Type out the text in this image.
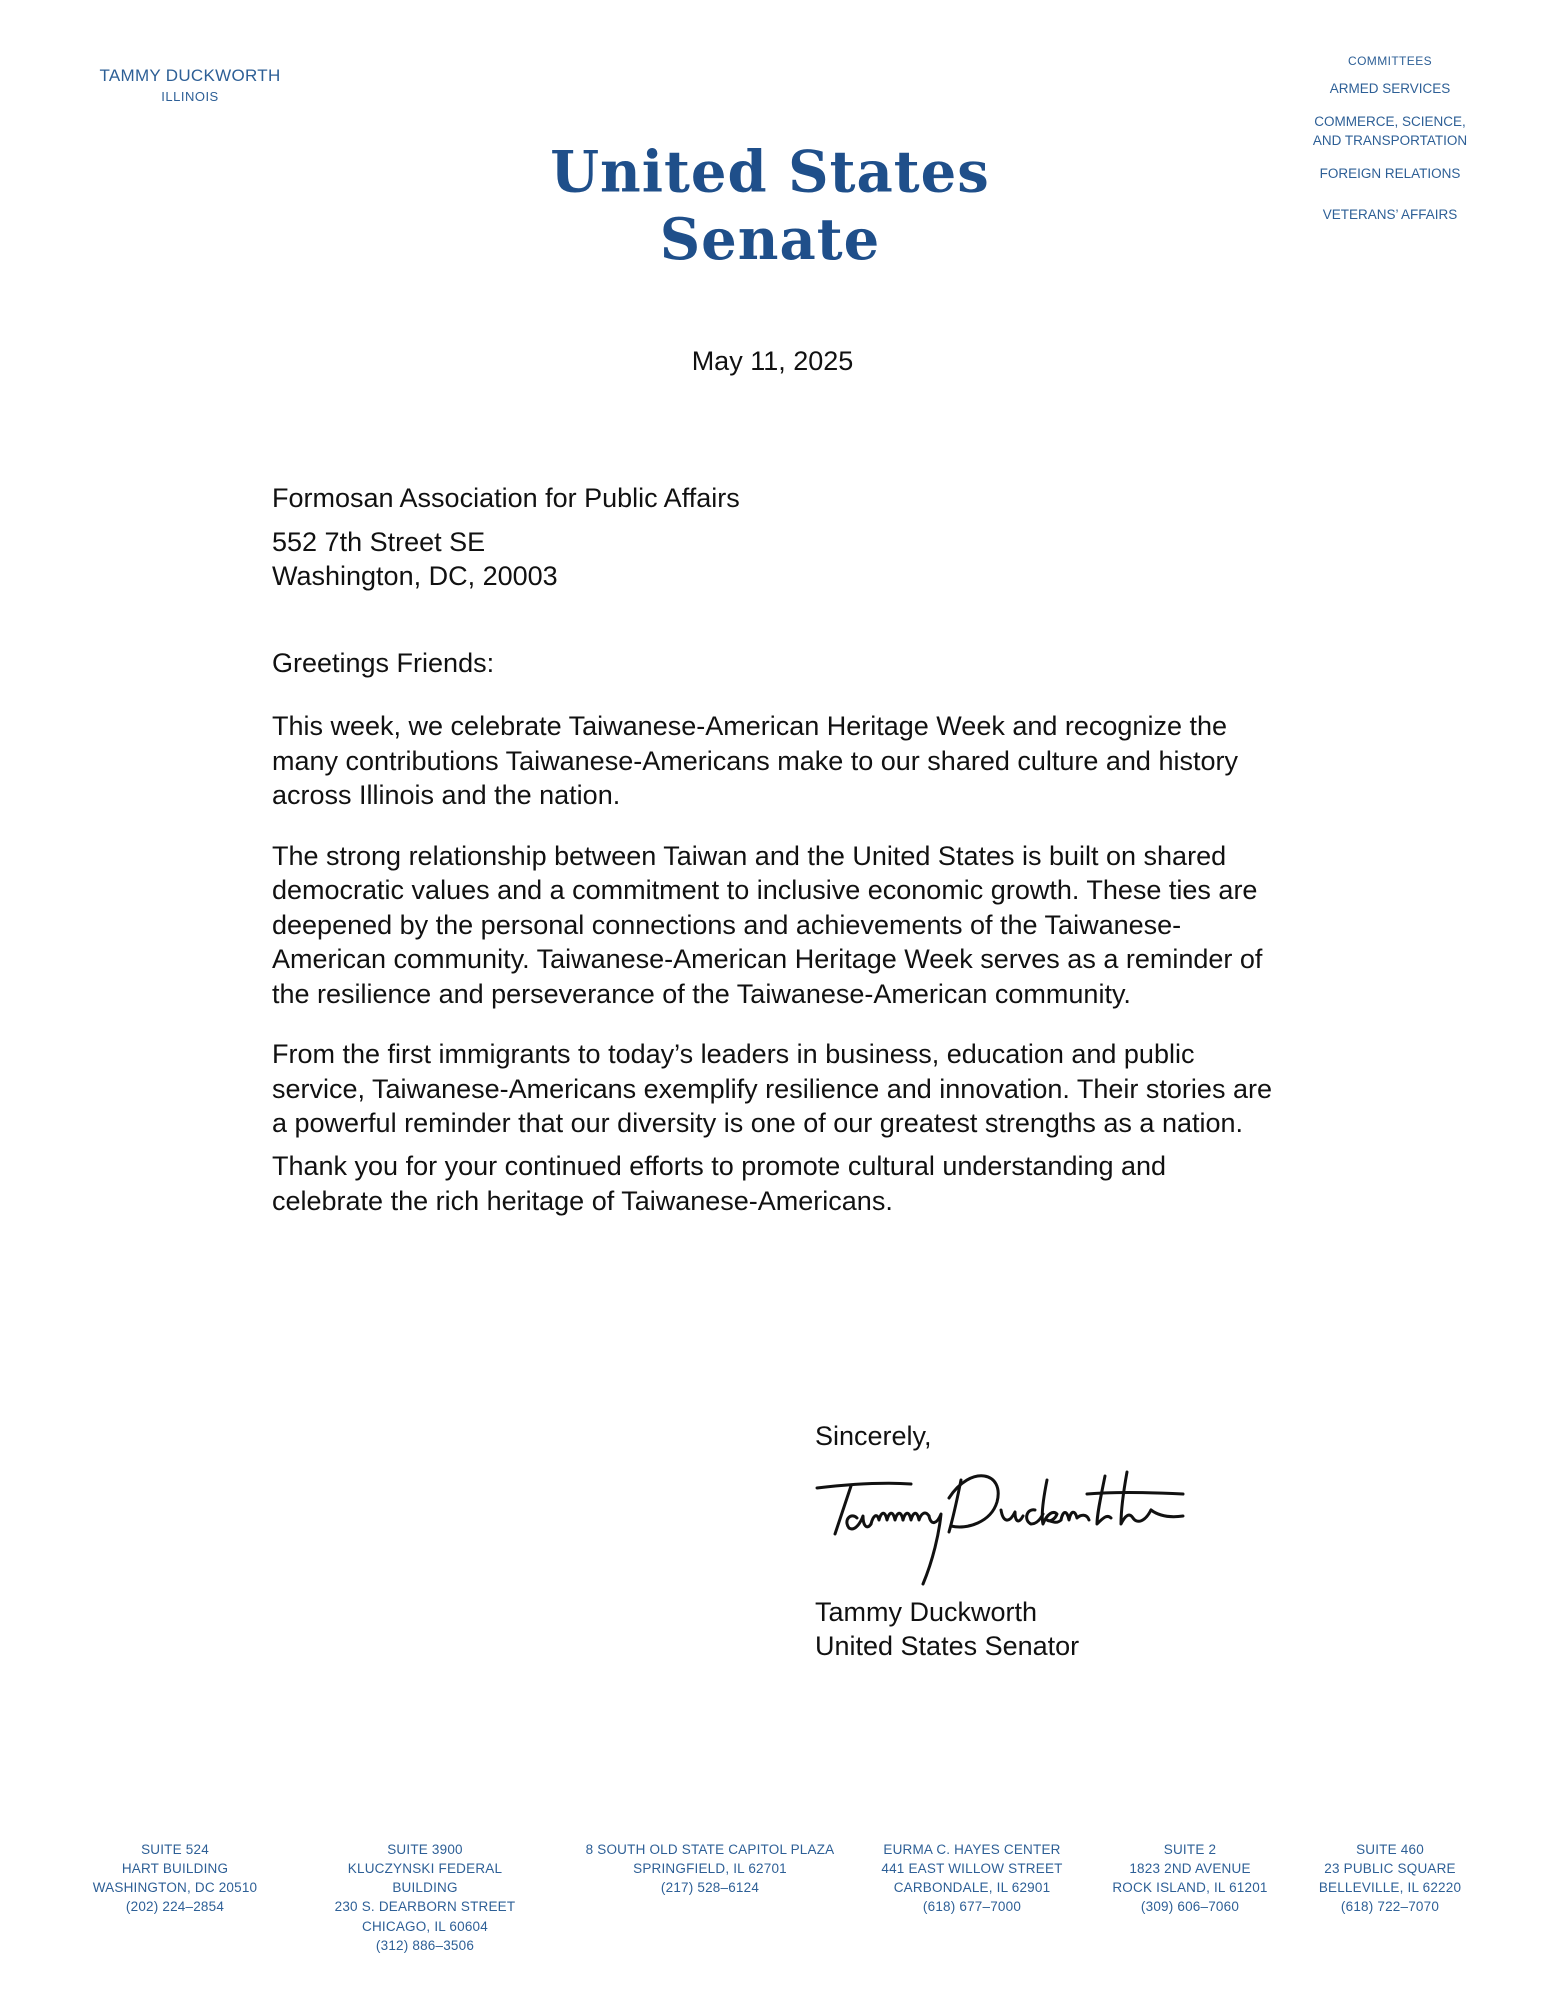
TAMMY DUCKWORTH
ILLINOIS
United States Senate
COMMITTEES
ARMED SERVICES
COMMERCE, SCIENCE,
AND TRANSPORTATION
FOREIGN RELATIONS
VETERANS’ AFFAIRS
May 11, 2025
Formosan Association for Public Affairs
552 7th Street SE
Washington, DC, 20003
Greetings Friends:

This week, we celebrate Taiwanese-American Heritage Week and recognize the many contributions Taiwanese-Americans make to our shared culture and history across Illinois and the nation.

The strong relationship between Taiwan and the United States is built on shared democratic values and a commitment to inclusive economic growth. These ties are deepened by the personal connections and achievements of the Taiwanese-American community. Taiwanese-American Heritage Week serves as a reminder of the resilience and perseverance of the Taiwanese-American community.

From the first immigrants to today’s leaders in business, education and public service, Taiwanese-Americans exemplify resilience and innovation. Their stories are a powerful reminder that our diversity is one of our greatest strengths as a nation.

Thank you for your continued efforts to promote cultural understanding and celebrate the rich heritage of Taiwanese-Americans.

Sincerely,
Tammy Duckworth
United States Senator
SUITE 524
HART BUILDING
WASHINGTON, DC 20510
(202) 224–2854
SUITE 3900
KLUCZYNSKI FEDERAL BUILDING
230 S. DEARBORN STREET
CHICAGO, IL 60604
(312) 886–3506
8 SOUTH OLD STATE CAPITOL PLAZA
SPRINGFIELD, IL 62701
(217) 528–6124
EURMA C. HAYES CENTER
441 EAST WILLOW STREET
CARBONDALE, IL 62901
(618) 677–7000
SUITE 2
1823 2ND AVENUE
ROCK ISLAND, IL 61201
(309) 606–7060
SUITE 460
23 PUBLIC SQUARE
BELLEVILLE, IL 62220
(618) 722–7070
